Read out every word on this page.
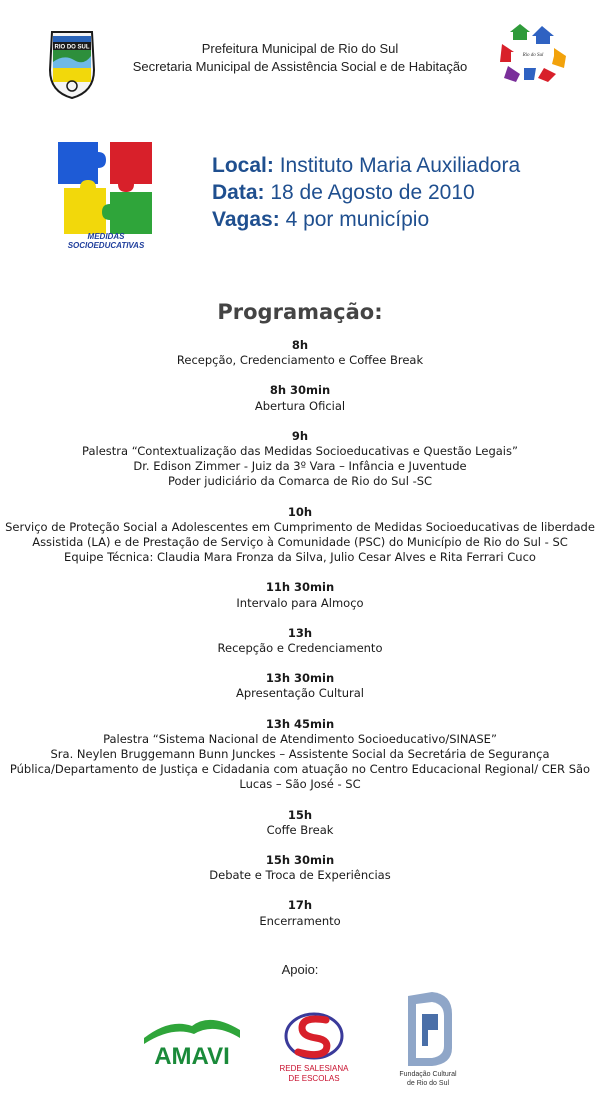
RIO DO SUL	Prefeitura Municipal de Rio do Sul
Secretaria Municipal de Assistência Social e de Habitação
Rio do Sul
MEDIDAS
SOCIOEDUCATIVAS
Local: Instituto Maria Auxiliadora
Data: 18 de Agosto de 2010
Vagas: 4 por município
Programação:
8h
Recepção, Credenciamento e Coffee Break
8h 30min
Abertura Oficial
9h
Palestra “Contextualização das Medidas Socioeducativas e Questão Legais”
Dr. Edison Zimmer - Juiz da 3º Vara – Infância e Juventude
Poder judiciário da Comarca de Rio do Sul -SC
10h
Serviço de Proteção Social a Adolescentes em Cumprimento de Medidas Socioeducativas de liberdade
Assistida (LA) e de Prestação de Serviço à Comunidade (PSC) do Município de Rio do Sul - SC
Equipe Técnica: Claudia Mara Fronza da Silva, Julio Cesar Alves e Rita Ferrari Cuco
11h 30min
Intervalo para Almoço
13h
Recepção e Credenciamento
13h 30min
Apresentação Cultural
13h 45min
Palestra “Sistema Nacional de Atendimento Socioeducativo/SINASE”
Sra. Neylen Bruggemann Bunn Junckes – Assistente Social da Secretária de Segurança
Pública/Departamento de Justiça e Cidadania com atuação no Centro Educacional Regional/ CER São
Lucas – São José - SC
15h
Coffe Break
15h 30min
Debate e Troca de Experiências
17h
Encerramento
Apoio:
AMAVI	REDE SALESIANA
DE ESCOLAS	Fundação Cultural
de Rio do Sul
